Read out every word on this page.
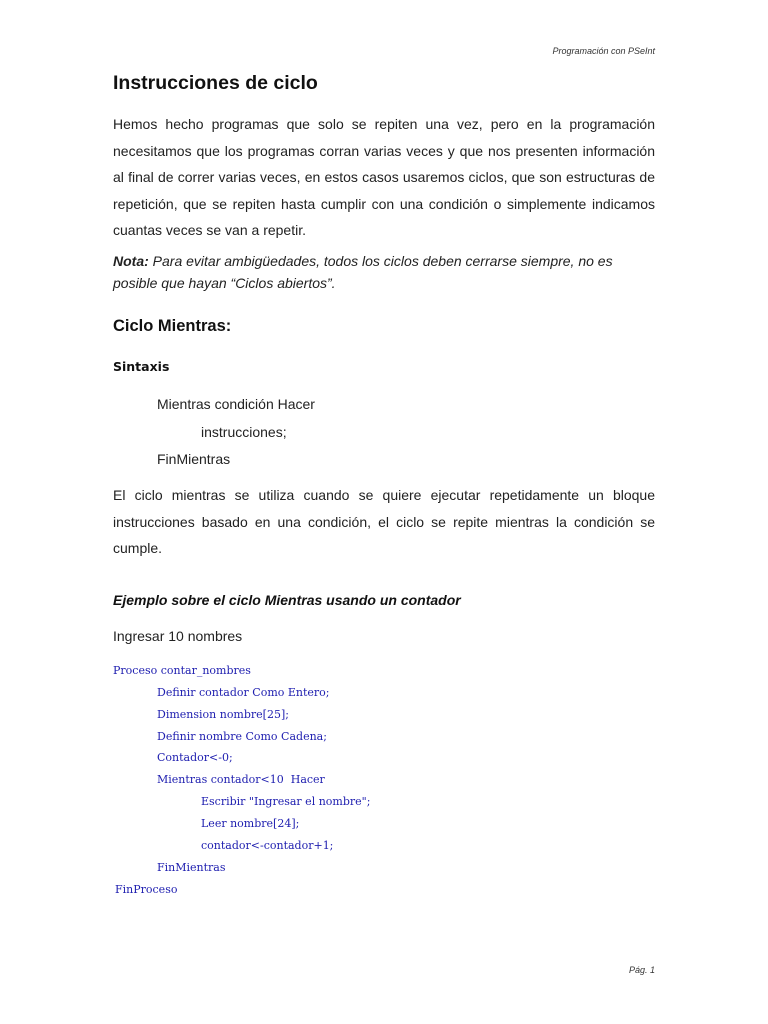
Programación con PSeInt
Instrucciones de ciclo

Hemos hecho programas que solo se repiten una vez, pero en la programación necesitamos que los programas corran varias veces y que nos presenten información al final de correr varias veces, en estos casos usaremos ciclos, que son estructuras de repetición, que se repiten hasta cumplir con una condición o simplemente indicamos cuantas veces se van a repetir.

Nota: Para evitar ambigüedades, todos los ciclos deben cerrarse siempre, no es posible que hayan “Ciclos abiertos”.

Ciclo Mientras:
Sintaxis

Mientras condición Hacer

instrucciones;

FinMientras

El ciclo mientras se utiliza cuando se quiere ejecutar repetidamente un bloque instrucciones basado en una condición, el ciclo se repite mientras la condición se cumple.

Ejemplo sobre el ciclo Mientras usando un contador

Ingresar 10 nombres

Proceso contar_nombres

Definir contador Como Entero;

Dimension nombre[25];

Definir nombre Como Cadena;

Contador<-0;

Mientras contador<10  Hacer

Escribir "Ingresar el nombre";

Leer nombre[24];

contador<-contador+1;

FinMientras

FinProceso

Pág. 1
